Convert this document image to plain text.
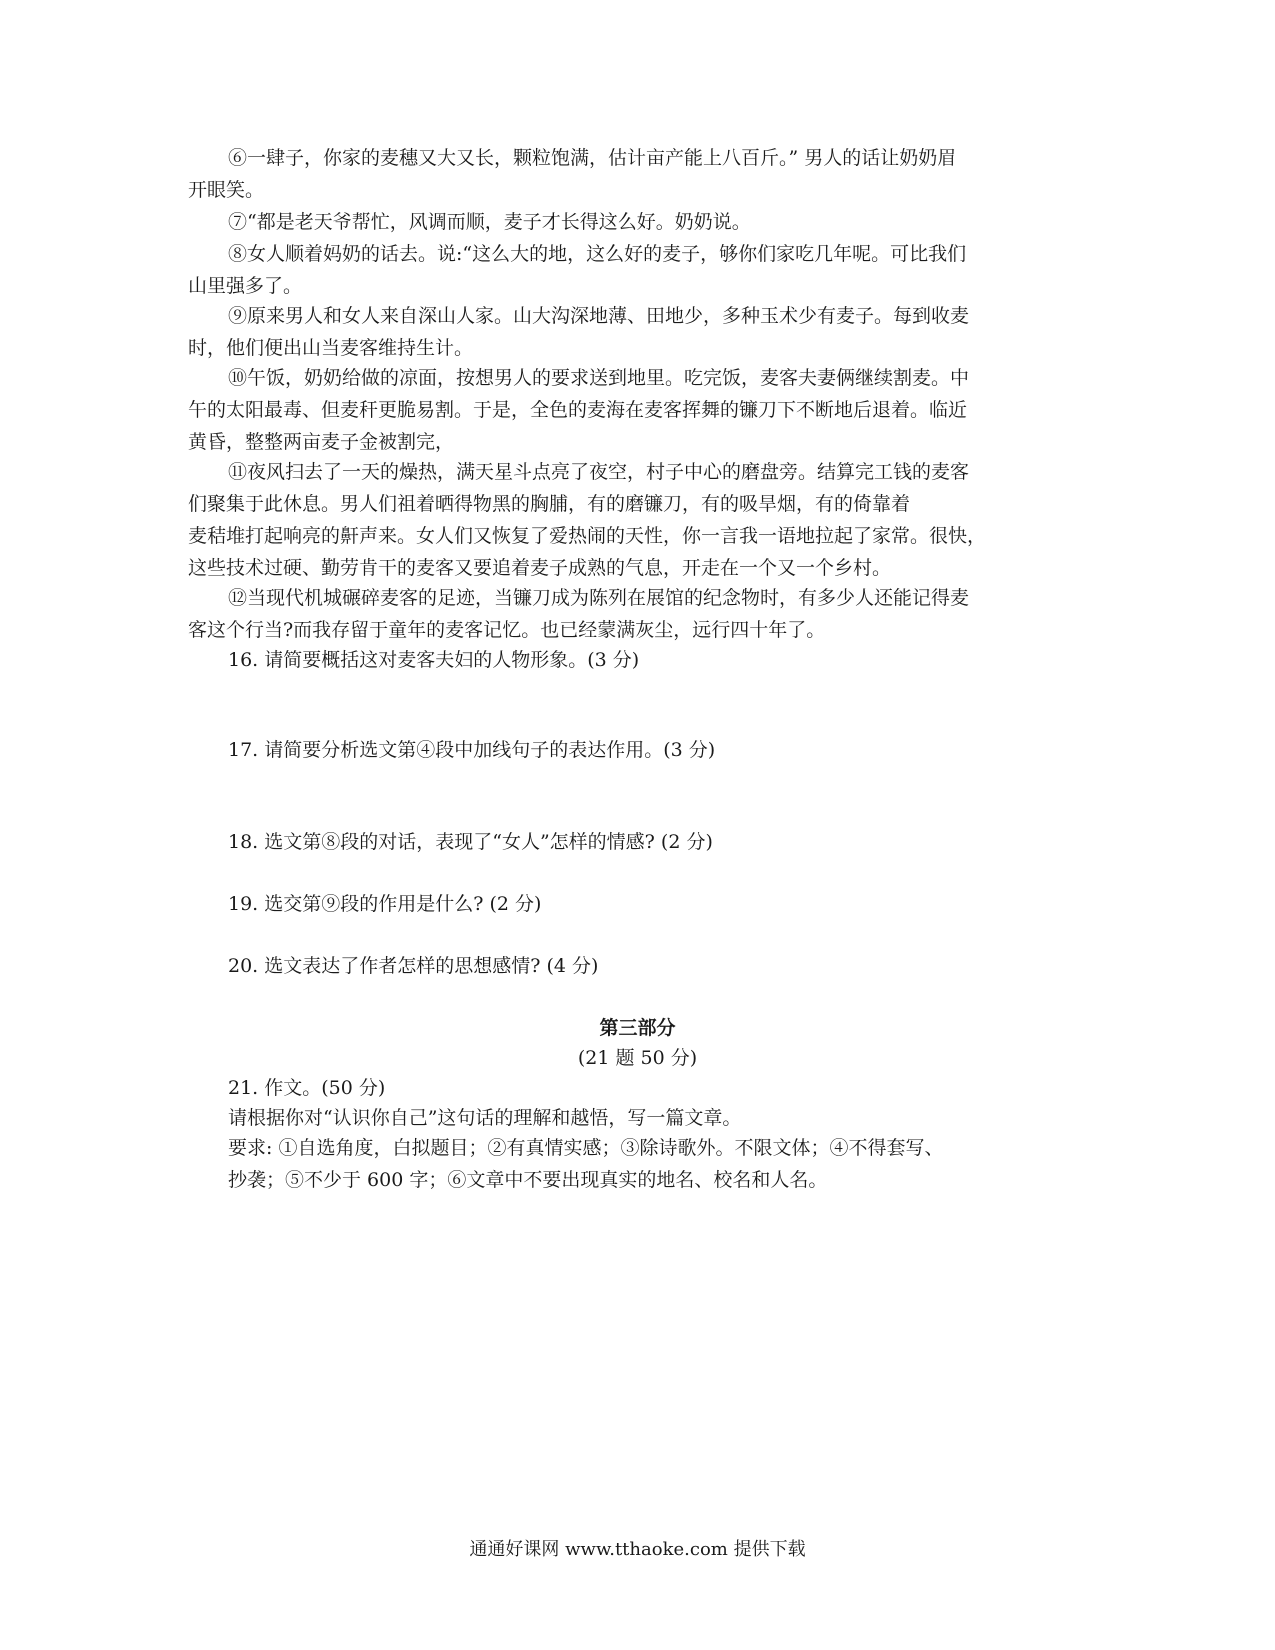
⑥一肆子，你家的麦穗又大又长，颗粒饱满，估计亩产能上八百斤。” 男人的话让奶奶眉
开眼笑。
⑦“都是老天爷帮忙，风调而顺，麦子才长得这么好。奶奶说。
⑧女人顺着妈奶的话去。说:“这么大的地，这么好的麦子，够你们家吃几年呢。可比我们
山里强多了。
⑨原来男人和女人来自深山人家。山大沟深地薄、田地少，多种玉术少有麦子。每到收麦
时，他们便出山当麦客维持生计。
⑩午饭，奶奶给做的凉面，按想男人的要求送到地里。吃完饭，麦客夫妻俩继续割麦。中
午的太阳最毒、但麦秆更脆易割。于是，全色的麦海在麦客挥舞的镰刀下不断地后退着。临近
黄昏，整整两亩麦子金被割完，
⑪夜风扫去了一天的燥热，满天星斗点亮了夜空，村子中心的磨盘旁。结算完工钱的麦客
们聚集于此休息。男人们祖着晒得物黑的胸脯，有的磨镰刀，有的吸旱烟，有的倚靠着
麦秸堆打起响亮的鼾声来。女人们又恢复了爱热闹的天性，你一言我一语地拉起了家常。很快，
这些技术过硬、勤劳肯干的麦客又要追着麦子成熟的气息，开走在一个又一个乡村。
⑫当现代机城碾碎麦客的足迹，当镰刀成为陈列在展馆的纪念物时，有多少人还能记得麦
客这个行当?而我存留于童年的麦客记忆。也已经蒙满灰尘，远行四十年了。

16. 请简要概括这对麦客夫妇的人物形象。(3 分)

17. 请简要分析选文第④段中加线句子的表达作用。(3 分)

18. 选文第⑧段的对话，表现了“女人”怎样的情感? (2 分)

19. 选交第⑨段的作用是什么? (2 分)

20. 选文表达了作者怎样的思想感情? (4 分)

第三部分

(21 题 50 分)

21. 作文。(50 分)

请根据你对“认识你自己”这句话的理解和越悟，写一篇文章。

要求: ①自选角度，白拟题目；②有真情实感；③除诗歌外。不限文体；④不得套写、
抄袭；⑤不少于 600 字；⑥文章中不要出现真实的地名、校名和人名。
通通好课网 www.tthaoke.com 提供下载
